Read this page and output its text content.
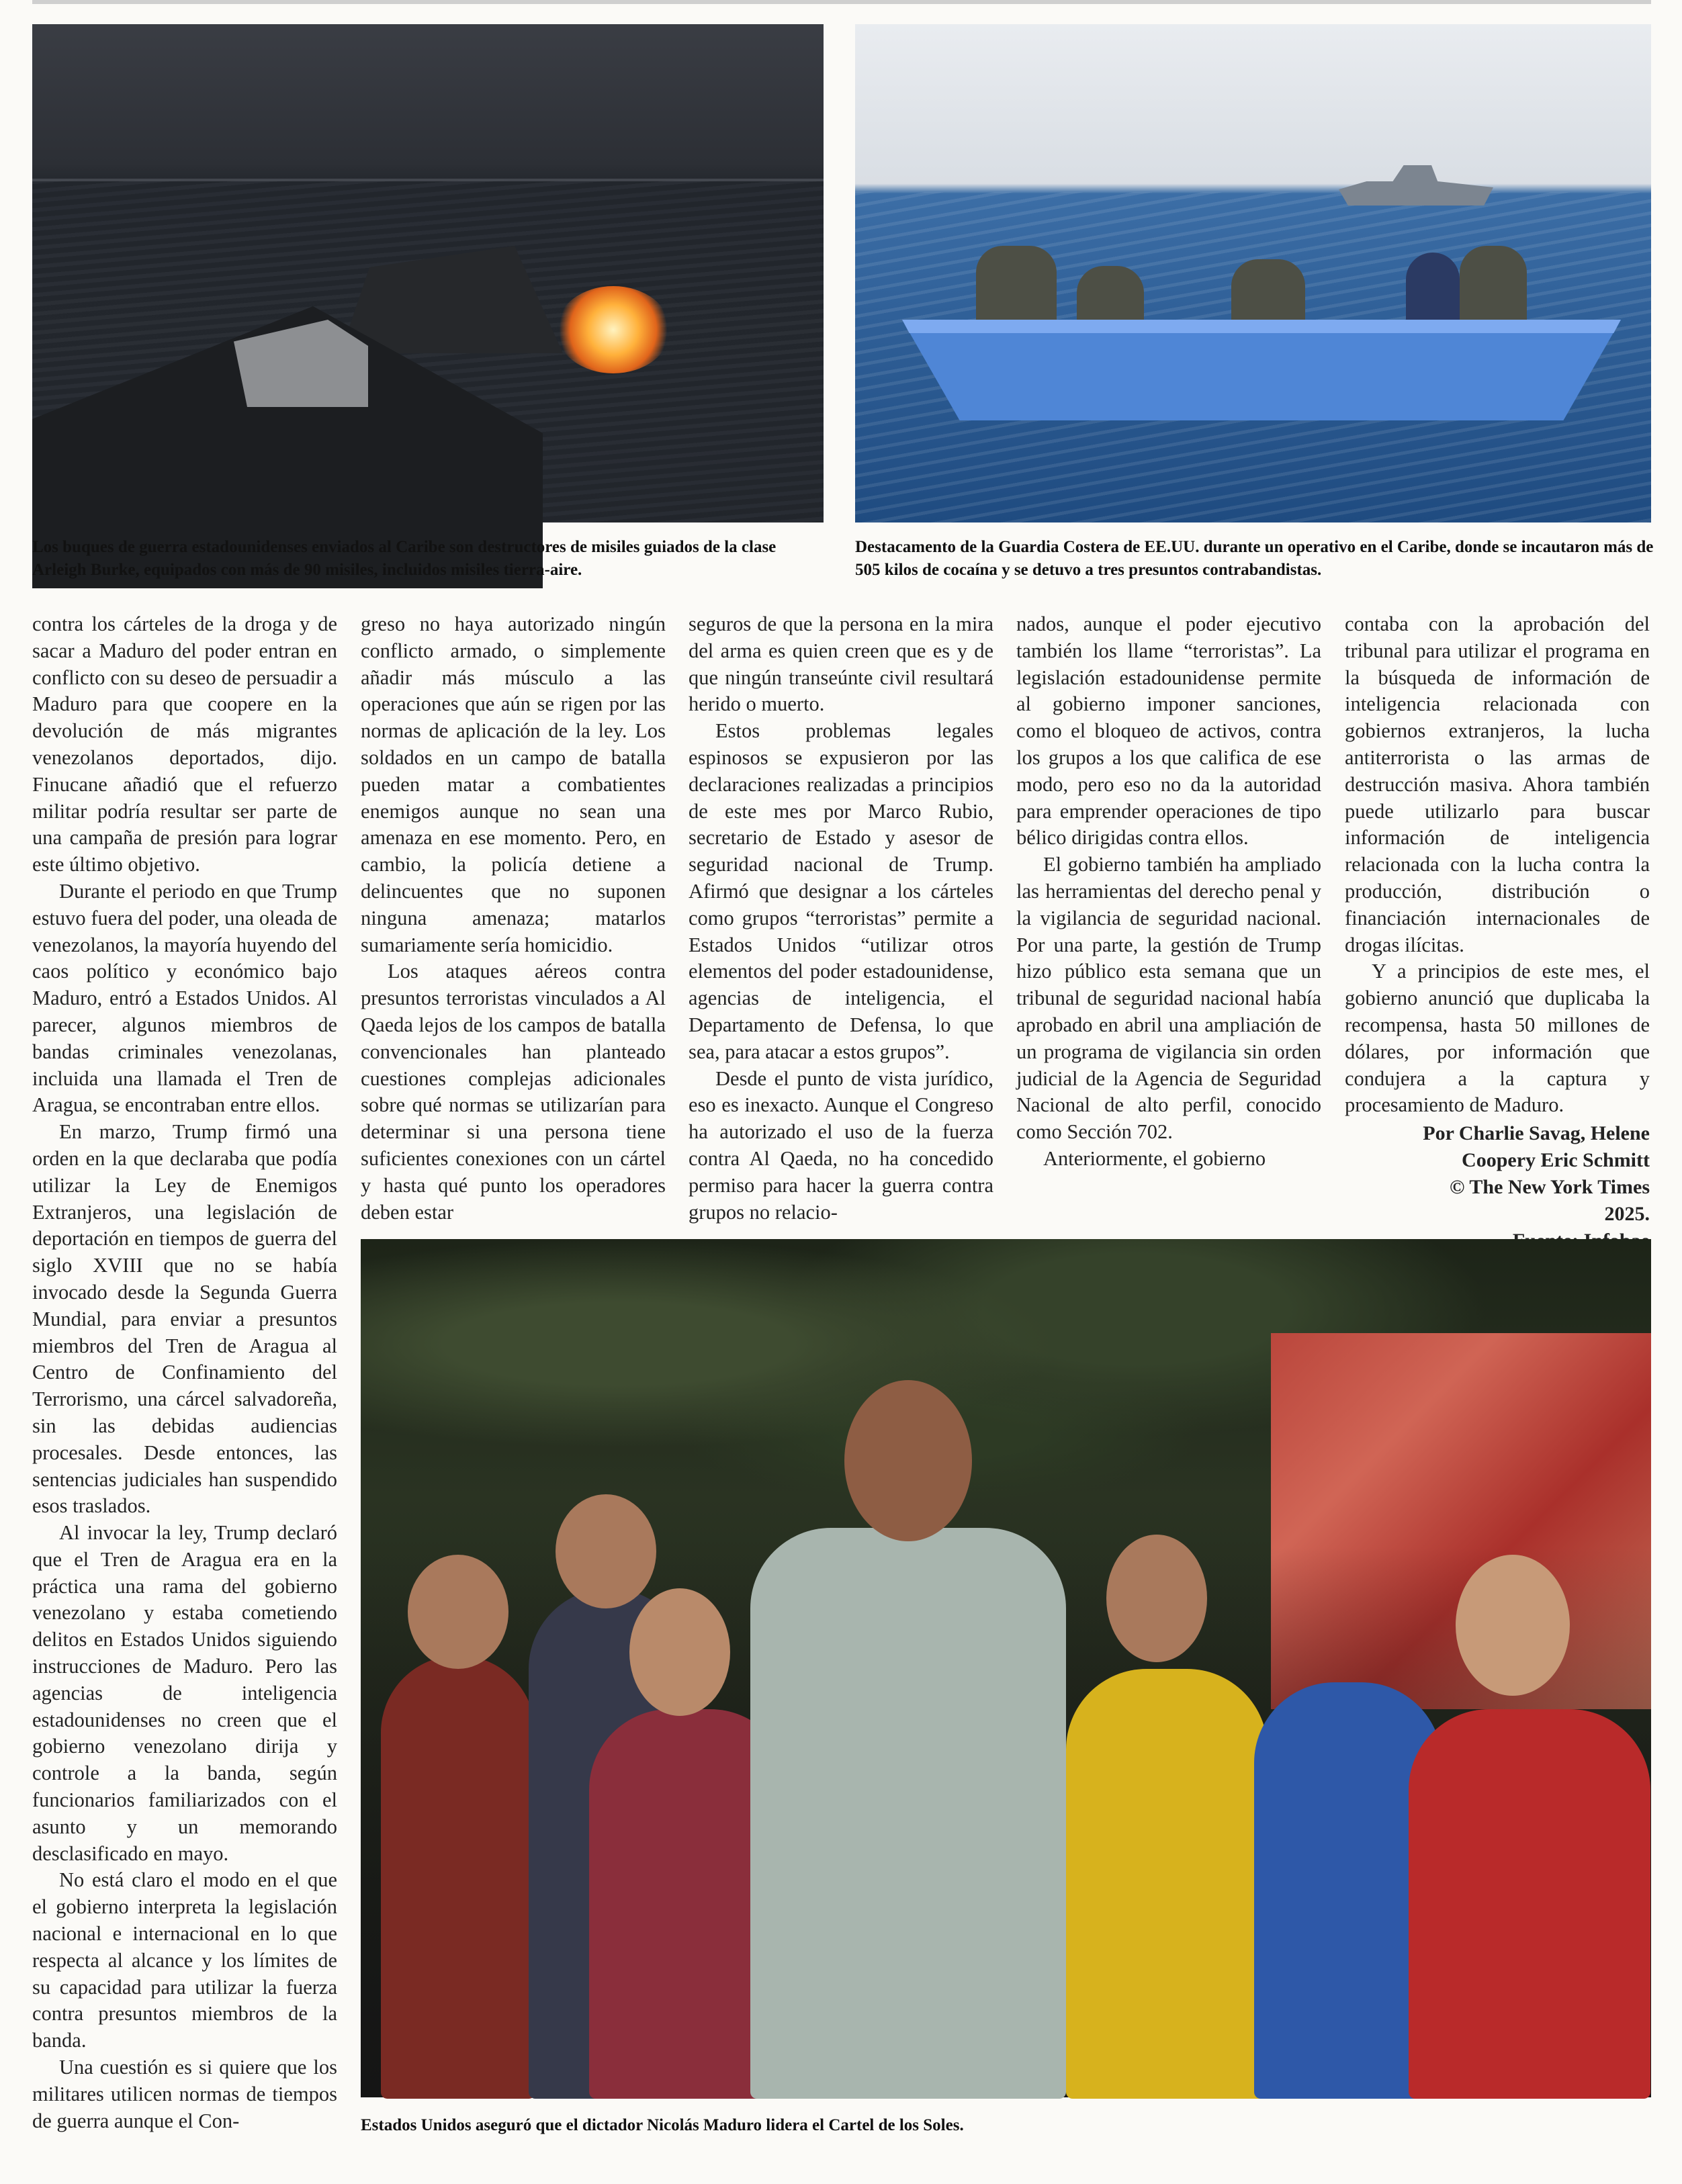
Los buques de guerra estadounidenses enviados al Caribe son destructores de misiles guiados de la clase Arleigh Burke, equipados con más de 90 misiles, incluidos misiles tierra-aire.
Destacamento de la Guardia Costera de EE.UU. durante un operativo en el Caribe, donde se incautaron más de 505 kilos de cocaína y se detuvo a tres presuntos contrabandistas.

contra los cárteles de la droga y de sacar a Maduro del poder entran en conflicto con su deseo de persuadir a Maduro para que coopere en la devolución de más migrantes venezolanos deportados, dijo. Finucane añadió que el refuerzo militar podría resultar ser parte de una campaña de presión para lograr este último objetivo.

Durante el periodo en que Trump estuvo fuera del poder, una oleada de venezolanos, la mayoría huyendo del caos político y económico bajo Maduro, entró a Estados Unidos. Al parecer, algunos miembros de bandas criminales venezolanas, incluida una llamada el Tren de Aragua, se encontraban entre ellos.

En marzo, Trump firmó una orden en la que declaraba que podía utilizar la Ley de Enemigos Extranjeros, una legislación de deportación en tiempos de guerra del siglo XVIII que no se había invocado desde la Segunda Guerra Mundial, para enviar a presuntos miembros del Tren de Aragua al Centro de Confinamiento del Terrorismo, una cárcel salvadoreña, sin las debidas audiencias procesales. Desde entonces, las sentencias judiciales han suspendido esos traslados.

Al invocar la ley, Trump declaró que el Tren de Aragua era en la práctica una rama del gobierno venezolano y estaba cometiendo delitos en Estados Unidos siguiendo instrucciones de Maduro. Pero las agencias de inteligencia estadounidenses no creen que el gobierno venezolano dirija y controle a la banda, según funcionarios familiarizados con el asunto y un memorando desclasificado en mayo.

No está claro el modo en el que el gobierno interpreta la legislación nacional e internacional en lo que respecta al alcance y los límites de su capacidad para utilizar la fuerza contra presuntos miembros de la banda.

Una cuestión es si quiere que los militares utilicen normas de tiempos de guerra aunque el Con-

greso no haya autorizado ningún conflicto armado, o simplemente añadir más músculo a las operaciones que aún se rigen por las normas de aplicación de la ley. Los soldados en un campo de batalla pueden matar a combatientes enemigos aunque no sean una amenaza en ese momento. Pero, en cambio, la policía detiene a delincuentes que no suponen ninguna amenaza; matarlos sumariamente sería homicidio.

Los ataques aéreos contra presuntos terroristas vinculados a Al Qaeda lejos de los campos de batalla convencionales han planteado cuestiones complejas adicionales sobre qué normas se utilizarían para determinar si una persona tiene suficientes conexiones con un cártel y hasta qué punto los operadores deben estar

seguros de que la persona en la mira del arma es quien creen que es y de que ningún transeúnte civil resultará herido o muerto.

Estos problemas legales espinosos se expusieron por las declaraciones realizadas a principios de este mes por Marco Rubio, secretario de Estado y asesor de seguridad nacional de Trump. Afirmó que designar a los cárteles como grupos “terroristas” permite a Estados Unidos “utilizar otros elementos del poder estadounidense, agencias de inteligencia, el Departamento de Defensa, lo que sea, para atacar a estos grupos”.

Desde el punto de vista jurídico, eso es inexacto. Aunque el Congreso ha autorizado el uso de la fuerza contra Al Qaeda, no ha concedido permiso para hacer la guerra contra grupos no relacio-

nados, aunque el poder ejecutivo también los llame “terroristas”. La legislación estadounidense permite al gobierno imponer sanciones, como el bloqueo de activos, contra los grupos a los que califica de ese modo, pero eso no da la autoridad para emprender operaciones de tipo bélico dirigidas contra ellos.

El gobierno también ha ampliado las herramientas del derecho penal y la vigilancia de seguridad nacional. Por una parte, la gestión de Trump hizo público esta semana que un tribunal de seguridad nacional había aprobado en abril una ampliación de un programa de vigilancia sin orden judicial de la Agencia de Seguridad Nacional de alto perfil, conocido como Sección 702.

Anteriormente, el gobierno

contaba con la aprobación del tribunal para utilizar el programa en la búsqueda de información de inteligencia relacionada con gobiernos extranjeros, la lucha antiterrorista o las armas de destrucción masiva. Ahora también puede utilizarlo para buscar información de inteligencia relacionada con la lucha contra la producción, distribución o financiación internacionales de drogas ilícitas.

Y a principios de este mes, el gobierno anunció que duplicaba la recompensa, hasta 50 millones de dólares, por información que condujera a la captura y procesamiento de Maduro.

Por Charlie Savag, Helene
Coopery Eric Schmitt
© The New York Times
2025.
Estados Unidos aseguró que el dictador Nicolás Maduro lidera el Cartel de los Soles.
